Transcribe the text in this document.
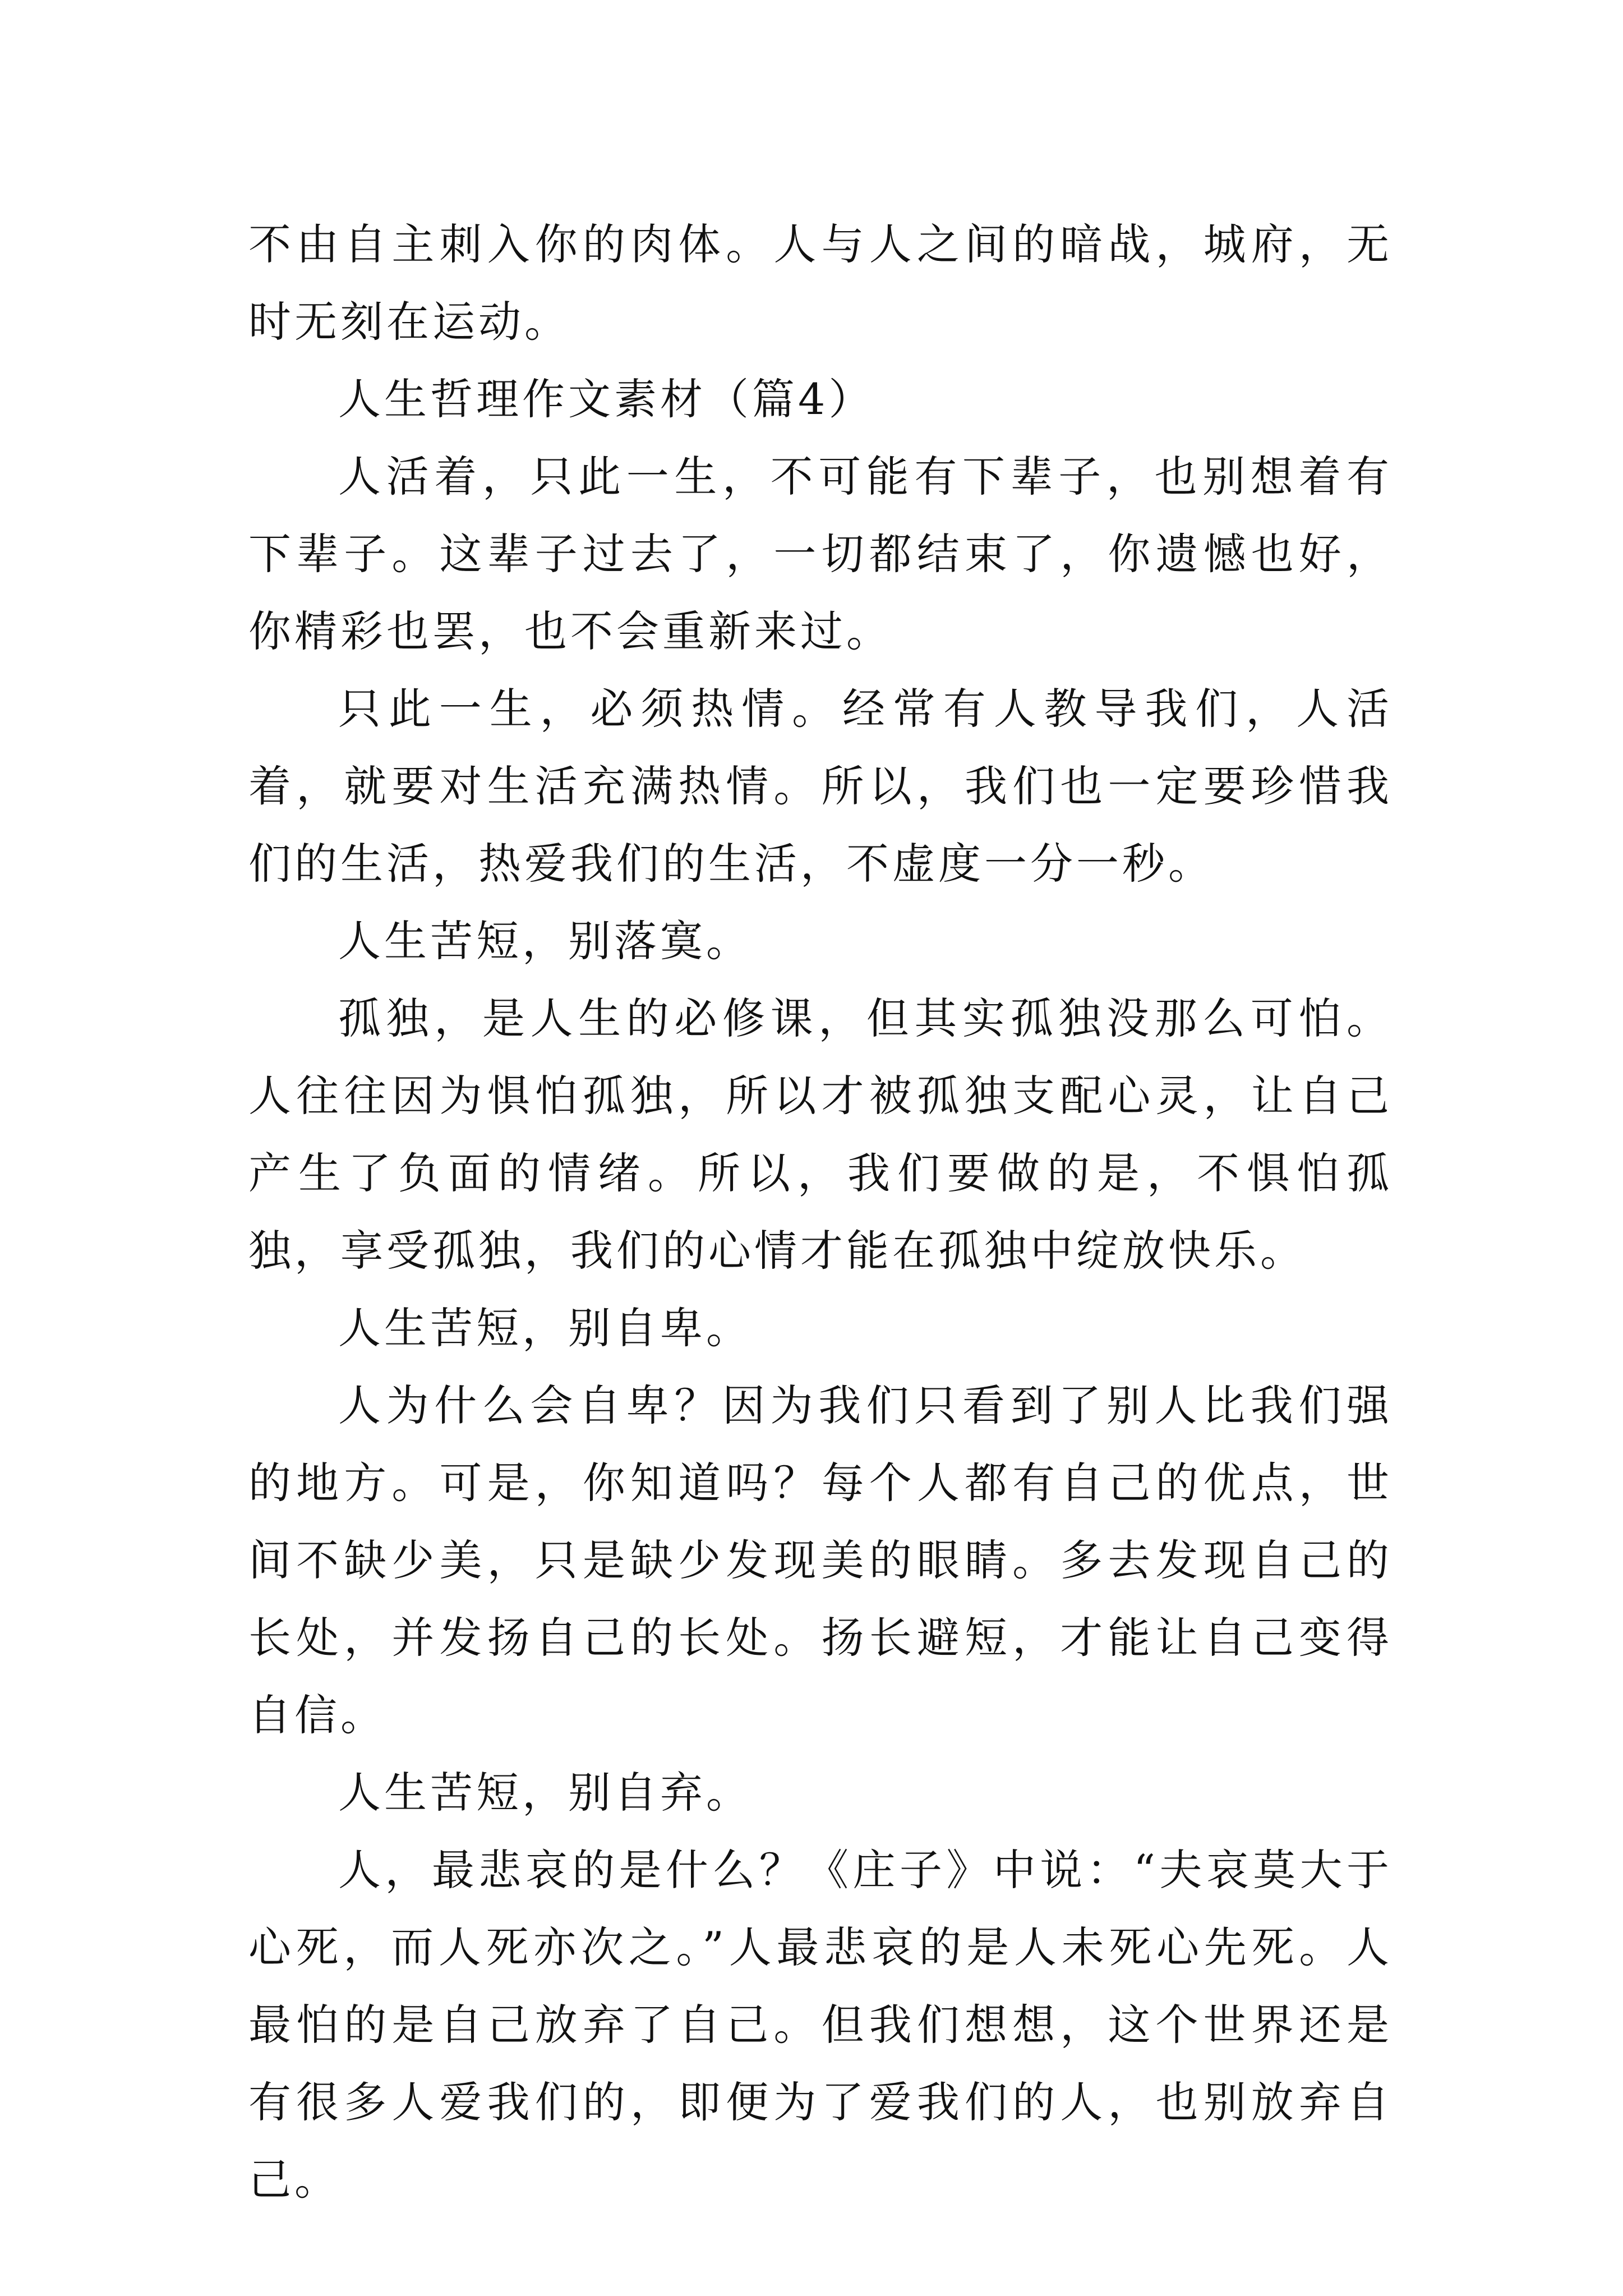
不由自主刺入你的肉体。人与人之间的暗战，城府，无时无刻在运动。

人生哲理作文素材（篇4）

人活着，只此一生，不可能有下辈子，也别想着有下辈子。这辈子过去了，一切都结束了，你遗憾也好，你精彩也罢，也不会重新来过。

只此一生，必须热情。经常有人教导我们，人活着，就要对生活充满热情。所以，我们也一定要珍惜我们的生活，热爱我们的生活，不虚度一分一秒。

人生苦短，别落寞。

孤独，是人生的必修课，但其实孤独没那么可怕。人往往因为惧怕孤独，所以才被孤独支配心灵，让自己产生了负面的情绪。所以，我们要做的是，不惧怕孤独，享受孤独，我们的心情才能在孤独中绽放快乐。

人生苦短，别自卑。

人为什么会自卑？因为我们只看到了别人比我们强的地方。可是，你知道吗？每个人都有自己的优点，世间不缺少美，只是缺少发现美的眼睛。多去发现自己的长处，并发扬自己的长处。扬长避短，才能让自己变得自信。

人生苦短，别自弃。

人，最悲哀的是什么？《庄子》中说：“夫哀莫大于心死，而人死亦次之。”人最悲哀的是人未死心先死。人最怕的是自己放弃了自己。但我们想想，这个世界还是有很多人爱我们的，即便为了爱我们的人，也别放弃自己。
